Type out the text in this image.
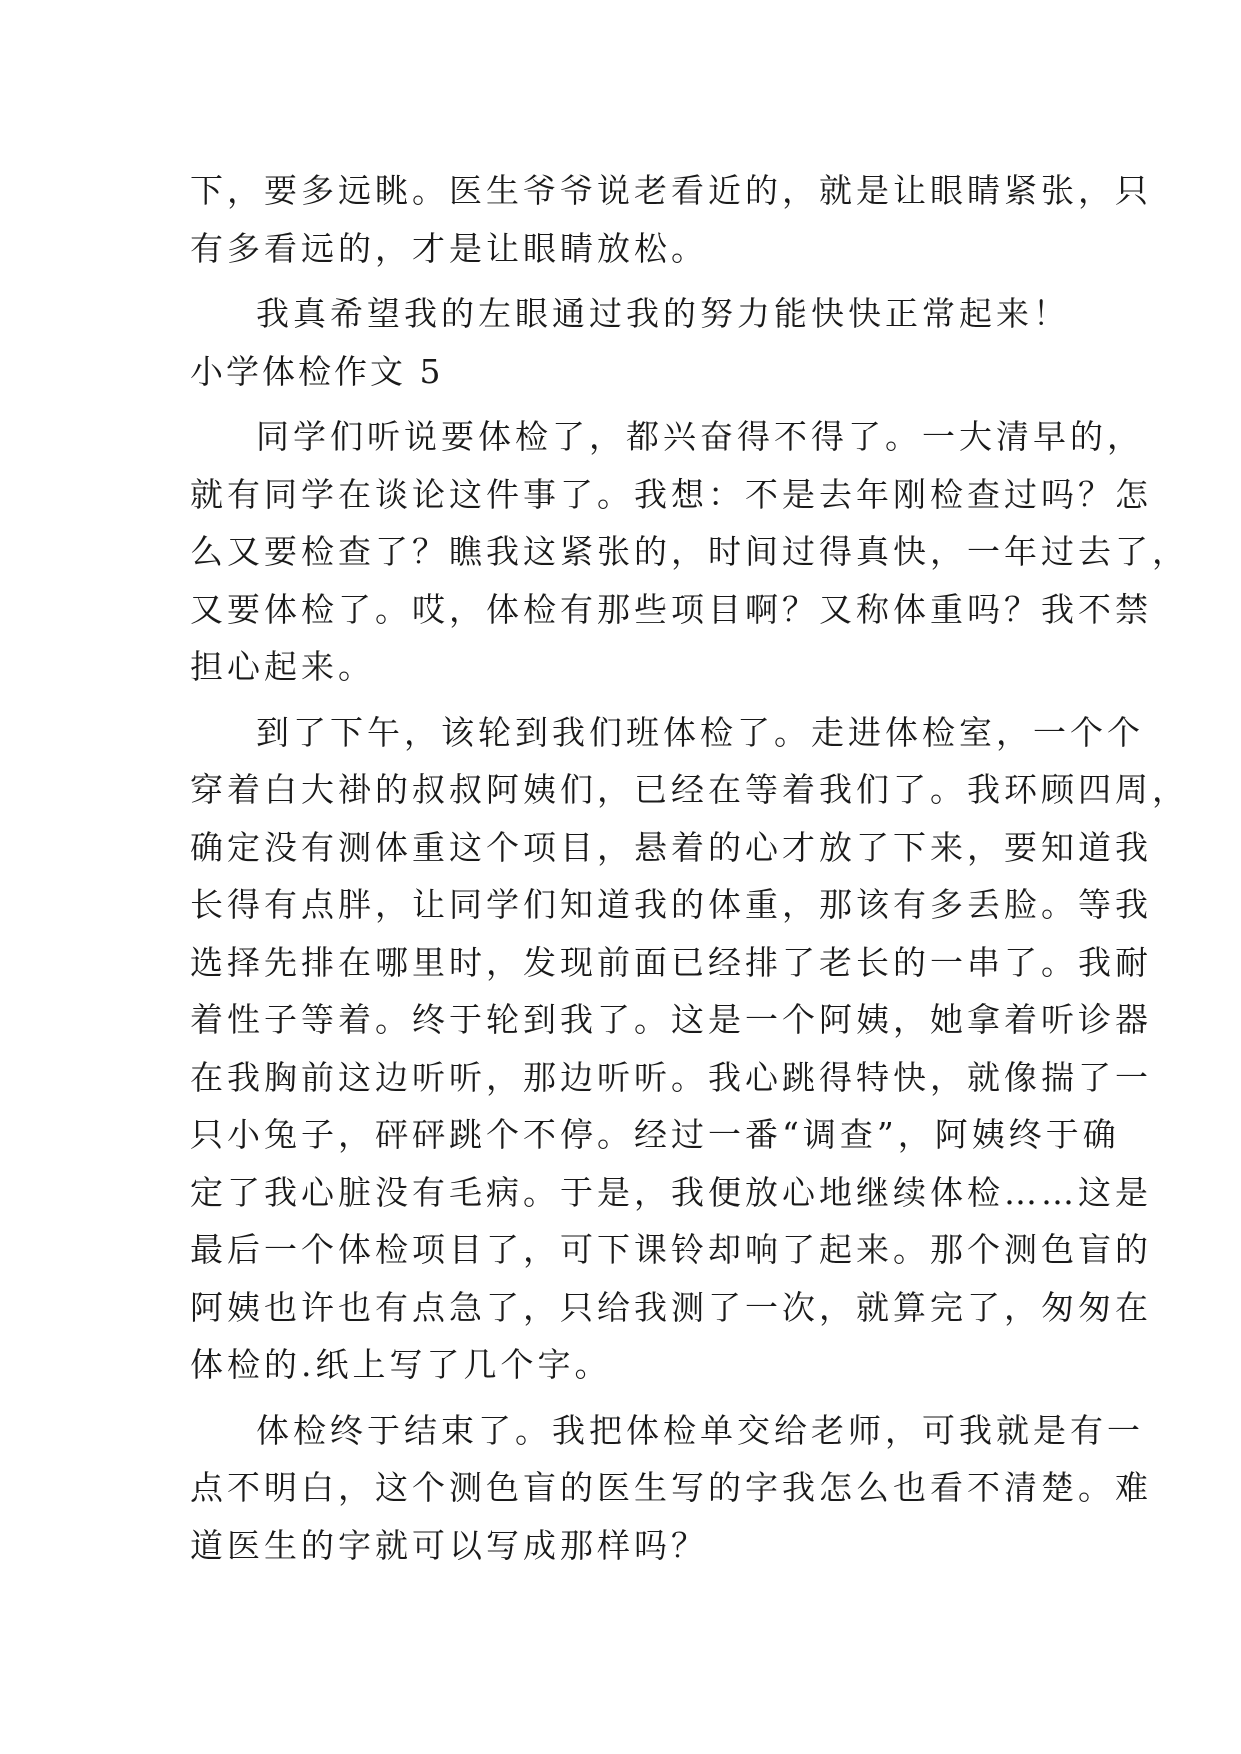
下，要多远眺。医生爷爷说老看近的，就是让眼睛紧张，只
有多看远的，才是让眼睛放松。
我真希望我的左眼通过我的努力能快快正常起来！
小学体检作文 5
同学们听说要体检了，都兴奋得不得了。一大清早的，
就有同学在谈论这件事了。我想：不是去年刚检查过吗？怎
么又要检查了？瞧我这紧张的，时间过得真快，一年过去了，
又要体检了。哎，体检有那些项目啊？又称体重吗？我不禁
担心起来。
到了下午，该轮到我们班体检了。走进体检室，一个个
穿着白大褂的叔叔阿姨们，已经在等着我们了。我环顾四周，
确定没有测体重这个项目，悬着的心才放了下来，要知道我
长得有点胖，让同学们知道我的体重，那该有多丢脸。等我
选择先排在哪里时，发现前面已经排了老长的一串了。我耐
着性子等着。终于轮到我了。这是一个阿姨，她拿着听诊器
在我胸前这边听听，那边听听。我心跳得特快，就像揣了一
只小兔子，砰砰跳个不停。经过一番“调查”，阿姨终于确
定了我心脏没有毛病。于是，我便放心地继续体检……这是
最后一个体检项目了，可下课铃却响了起来。那个测色盲的
阿姨也许也有点急了，只给我测了一次，就算完了，匆匆在
体检的.纸上写了几个字。
体检终于结束了。我把体检单交给老师，可我就是有一
点不明白，这个测色盲的医生写的字我怎么也看不清楚。难
道医生的字就可以写成那样吗？
